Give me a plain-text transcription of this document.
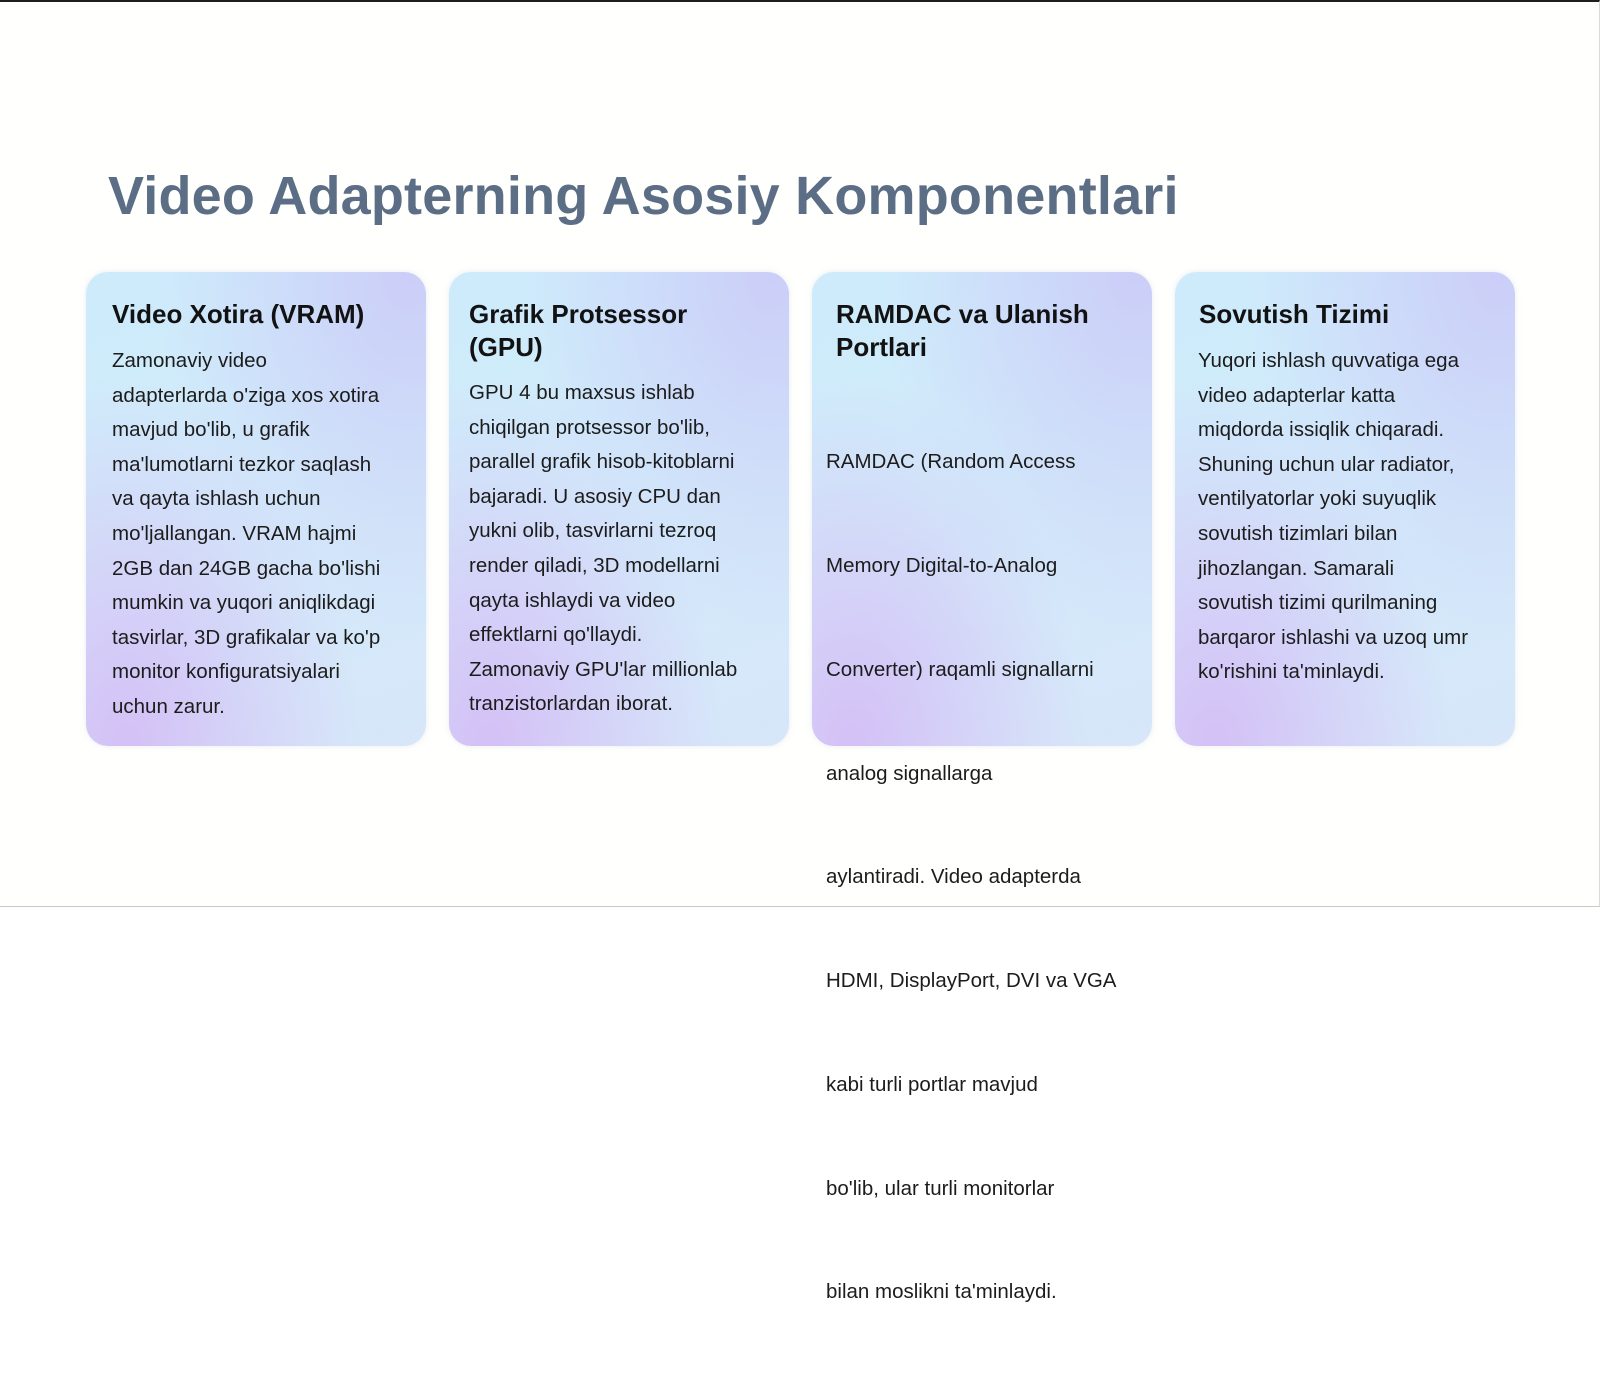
Video Adapterning Asosiy Komponentlari
Video Xotira (VRAM)

Zamonaviy video
adapterlarda o'ziga xos xotira
mavjud bo'lib, u grafik
ma'lumotlarni tezkor saqlash
va qayta ishlash uchun
mo'ljallangan. VRAM hajmi
2GB dan 24GB gacha bo'lishi
mumkin va yuqori aniqlikdagi
tasvirlar, 3D grafikalar va ko'p
monitor konfiguratsiyalari
uchun zarur.

Grafik Protsessor (GPU)

GPU 4 bu maxsus ishlab
chiqilgan protsessor bo'lib,
parallel grafik hisob-kitoblarni
bajaradi. U asosiy CPU dan
yukni olib, tasvirlarni tezroq
render qiladi, 3D modellarni
qayta ishlaydi va video
effektlarni qo'llaydi.
Zamonaviy GPU'lar millionlab
tranzistorlardan iborat.

RAMDAC va Ulanish Portlari

RAMDAC (Random Access

Memory Digital-to-Analog

Converter) raqamli signallarni

analog signallarga

aylantiradi. Video adapterda

HDMI, DisplayPort, DVI va VGA

kabi turli portlar mavjud

bo'lib, ular turli monitorlar

bilan moslikni ta'minlaydi.

Sovutish Tizimi

Yuqori ishlash quvvatiga ega
video adapterlar katta
miqdorda issiqlik chiqaradi.
Shuning uchun ular radiator,
ventilyatorlar yoki suyuqlik
sovutish tizimlari bilan
jihozlangan. Samarali
sovutish tizimi qurilmaning
barqaror ishlashi va uzoq umr
ko'rishini ta'minlaydi.
